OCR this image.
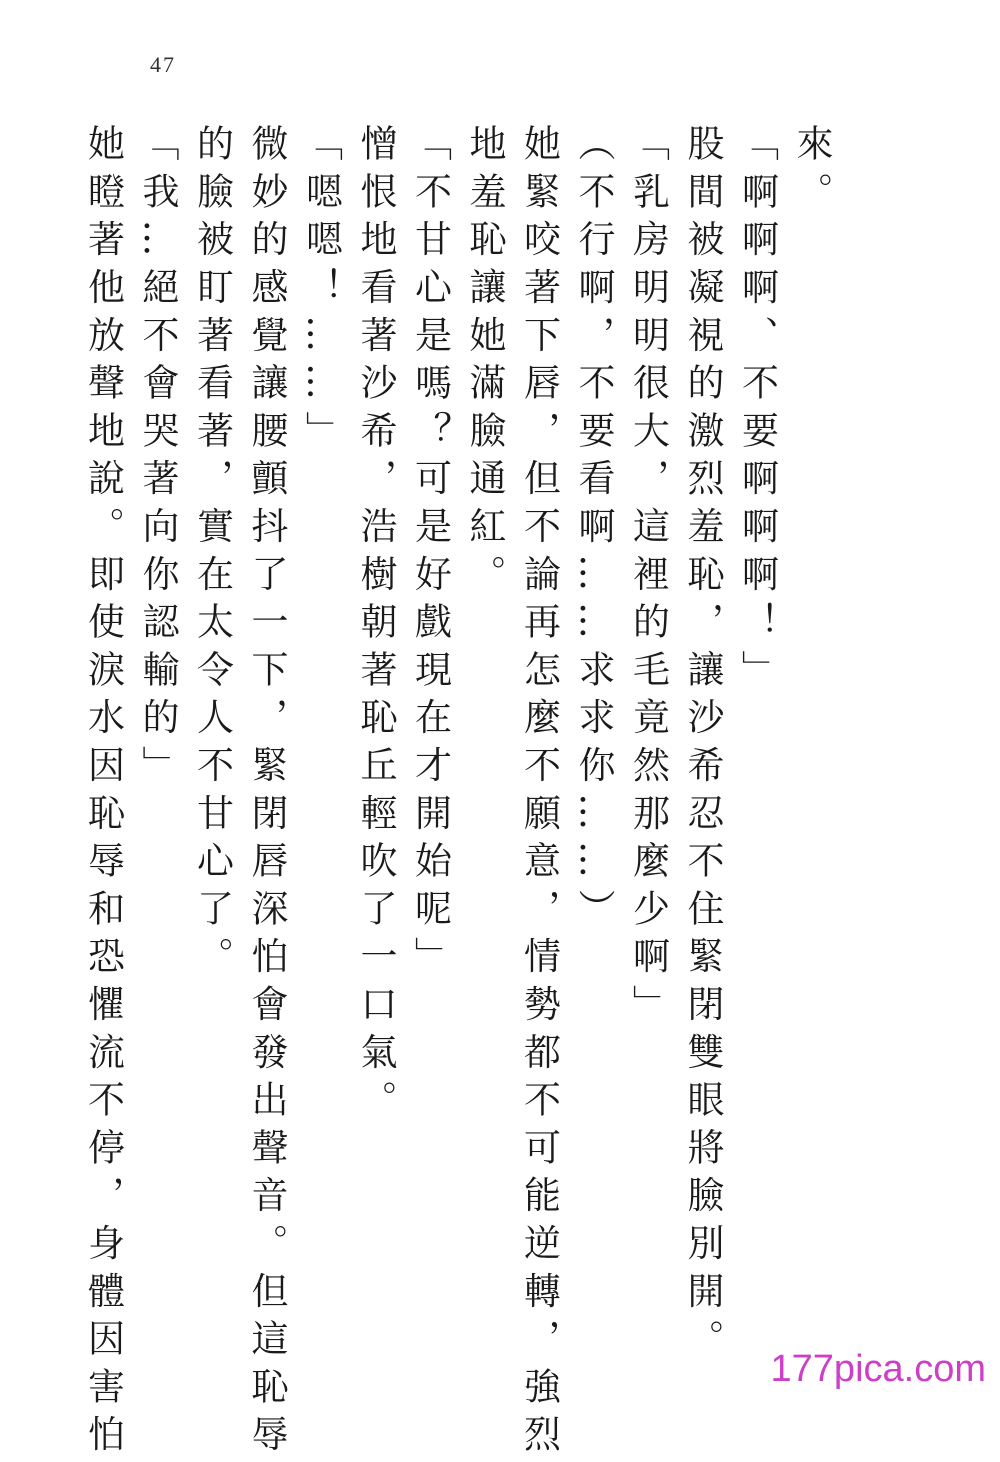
47
來。
「啊啊啊、不要啊啊啊！」
股間被凝視的激烈羞恥，讓沙希忍不住緊閉雙眼將臉別開。
「乳房明明很大，這裡的毛竟然那麼少啊」
（不行啊，不要看啊……求求你……）
她緊咬著下唇，但不論再怎麼不願意，情勢都不可能逆轉，強烈
地羞恥讓她滿臉通紅。
「不甘心是嗎？可是好戲現在才開始呢」
憎恨地看著沙希，浩樹朝著恥丘輕吹了一口氣。
「嗯嗯！……」
微妙的感覺讓腰顫抖了一下，緊閉唇深怕會發出聲音。但這恥辱
的臉被盯著看著，實在太令人不甘心了。
「我…絕不會哭著向你認輸的」
她瞪著他放聲地說。即使淚水因恥辱和恐懼流不停，身體因害怕	177pica.com
